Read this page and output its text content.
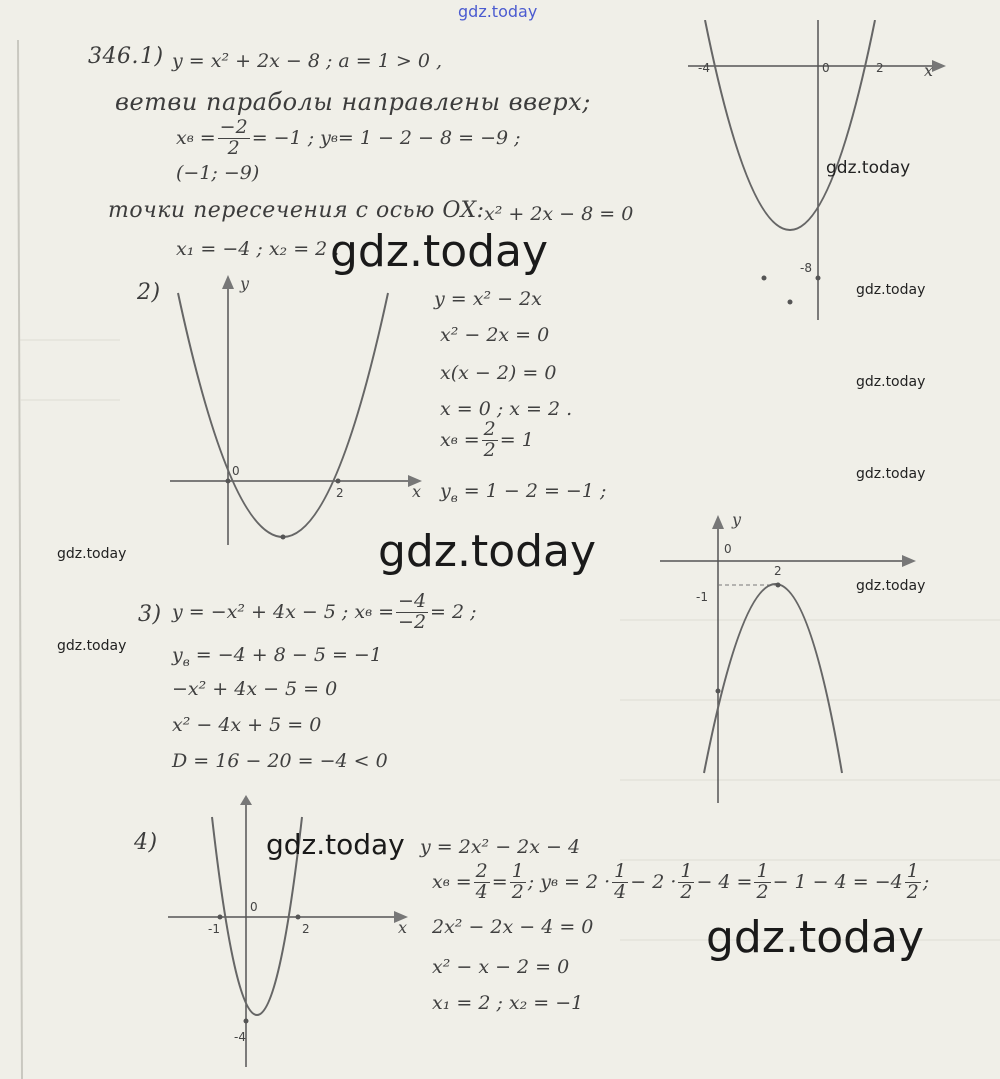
gdz.today
346. 1) y = x² + 2x − 8 ; a = 1 > 0 ,
ветви параболы направлены вверх;
x $в = \frac{-2}{2} = -1$ ; y в = 1 − 2 − 8 = −9 ;
(−1; −9)
точки пересечения с осью OX: x² + 2x − 8 = 0
x₁ = −4 ; x₂ = 2 .
-4	0	2
-8
x
2)
0
2	x
y
y = x² − 2x
x² − 2x = 0
x(x − 2) = 0
x = 0 ; x = 2 .
x $в = \frac{2}{2} = 1$
$y_в = 1 - 2 = -1$ ;
0
2
-1
y
3) y = −x² + 4x − 5 ; x $в = \frac{-4}{-2} = 2$ ;
$y_в = -4 + 8 - 5 = -1$
−x² + 4x − 5 = 0
x² − 4x + 5 = 0
D = 16 − 20 = −4 < 0
4)
-1
0
2
-4
x
y = 2x² − 2x − 4
x $в = \frac{2}{4} = \frac{1}{2}$ ; y в
= $2 \cdot \frac{1}{4} - 2 \cdot \frac{1}{2} - 4 = \frac{1}{2} - 1 - 4 = -4 \frac{1}{2}$ ;
2x² − 2x − 4 = 0
x² − x − 2 = 0
x₁ = 2 ; x₂ = −1
gdz.today
gdz.today
gdz.today
gdz.today
gdz.today
gdz.today
gdz.today
gdz.today
gdz.today
gdz.today
gdz.today
